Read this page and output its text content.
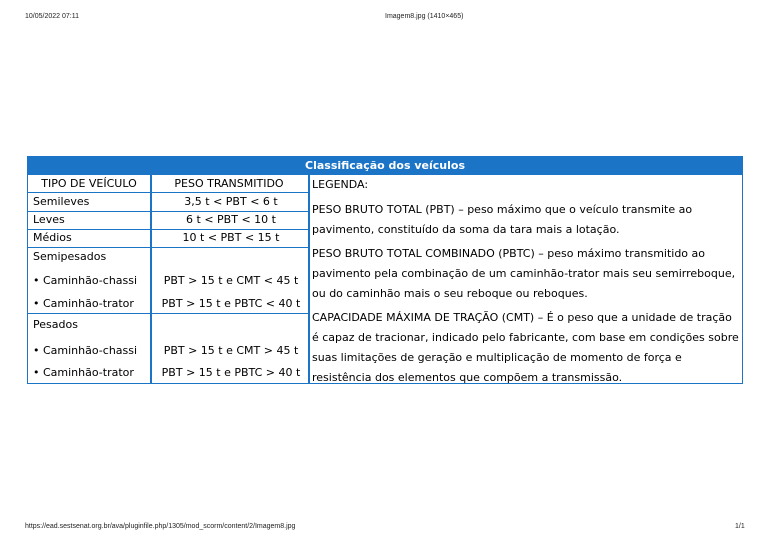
10/05/2022 07:11	Imagem8.jpg (1410×465)
Classificação dos veículos
TIPO DE VEÍCULO	PESO TRANSMITIDO
Semileves	3,5 t < PBT < 6 t
Leves	6 t < PBT < 10 t
Médios	10 t < PBT < 15 t
Semipesados
• Caminhão-chassi	PBT > 15 t e CMT < 45 t
• Caminhão-trator	PBT > 15 t e PBTC < 40 t
Pesados
• Caminhão-chassi	PBT > 15 t e CMT > 45 t
• Caminhão-trator	PBT > 15 t e PBTC > 40 t
LEGENDA:
PESO BRUTO TOTAL (PBT) – peso máximo que o veículo transmite ao pavimento, constituído da soma da tara mais a lotação.
PESO BRUTO TOTAL COMBINADO (PBTC) – peso máximo transmitido ao pavimento pela combinação de um caminhão-trator mais seu semirreboque, ou do caminhão mais o seu reboque ou reboques.
CAPACIDADE MÁXIMA DE TRAÇÃO (CMT) – É o peso que a unidade de tração é capaz de tracionar, indicado pelo fabricante, com base em condições sobre suas limitações de geração e multiplicação de momento de força e resistência dos elementos que compõem a transmissão.
https://ead.sestsenat.org.br/ava/pluginfile.php/1305/mod_scorm/content/2/Imagem8.jpg	1/1
